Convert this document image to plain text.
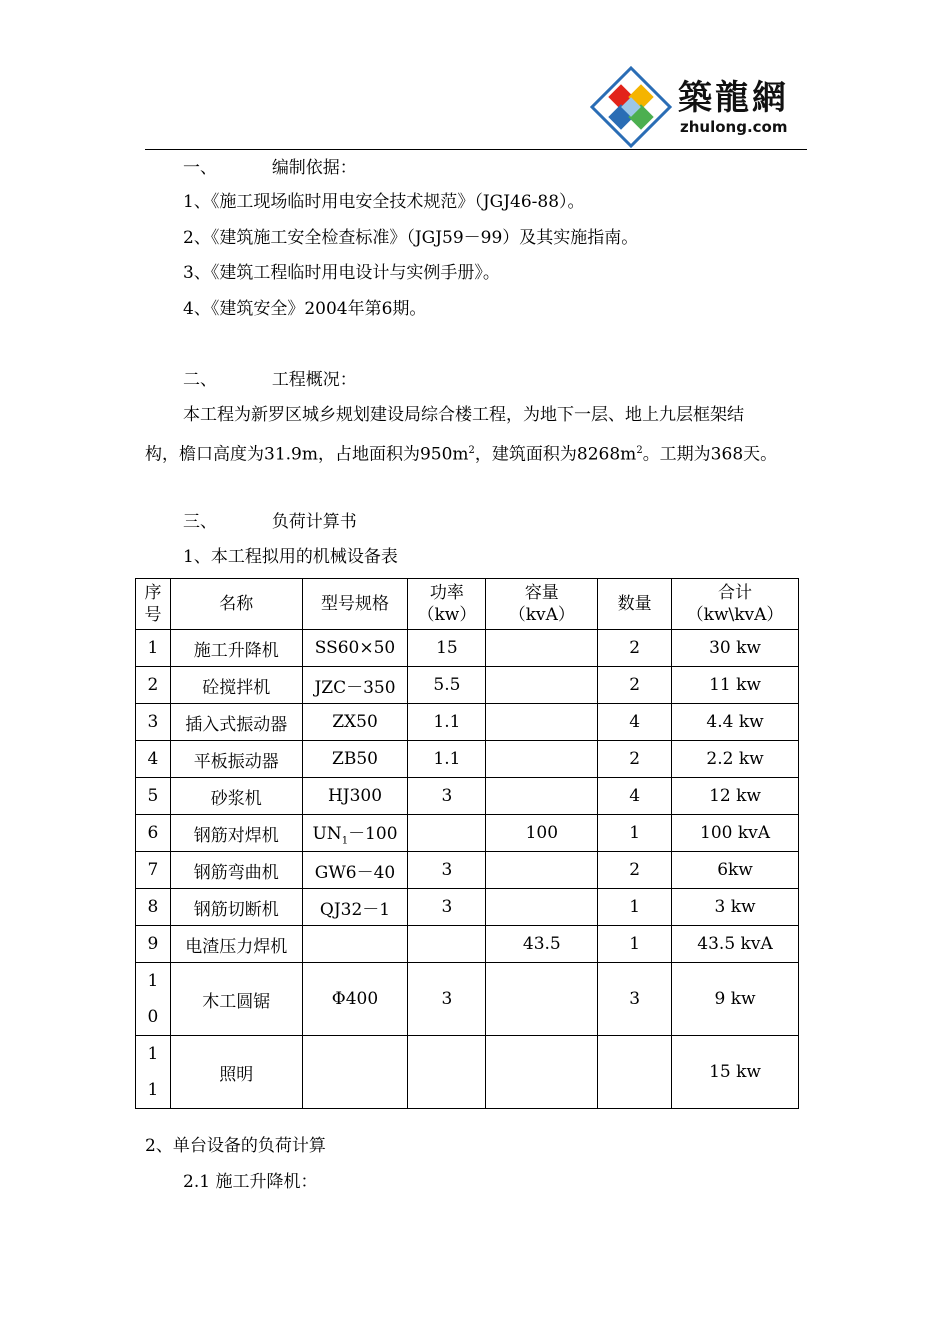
築龍網
zhulong.com
一、	编制依据：
1、《施工现场临时用电安全技术规范》（JGJ46-88）。
2、《建筑施工安全检查标准》（JGJ59－99）及其实施指南。
3、《建筑工程临时用电设计与实例手册》。
4、《建筑安全》2004年第6期。
二、	工程概况：
本工程为新罗区城乡规划建设局综合楼工程，为地下一层、地上九层框架结
构，檐口高度为31.9m，占地面积为$950m^2$，建筑面积为$8268m^2$。工期为368天。
三、	负荷计算书
1、本工程拟用的机械设备表
序
号	名称	型号规格	功率
（kw）	容量
（kvA）	数量	合计
（kw\kvA）
1	施工升降机	SS60×50	15		2	30 kw
2	砼搅拌机	JZC－350	5.5		2	11 kw
3	插入式振动器	ZX50	1.1		4	4.4 kw
4	平板振动器	ZB50	1.1		2	2.2 kw
5	砂浆机	HJ300	3		4	12 kw
6	钢筋对焊机	$UN_1-100$		100	1	100 kvA
7	钢筋弯曲机	GW6－40	3		2	6kw
8	钢筋切断机	QJ32－1	3		1	3 kw
9	电渣压力焊机			43.5	1	43.5 kvA
1
0	木工圆锯	Φ400	3		3	9 kw
1
1	照明					15 kw
2、单台设备的负荷计算
2.1 施工升降机：
